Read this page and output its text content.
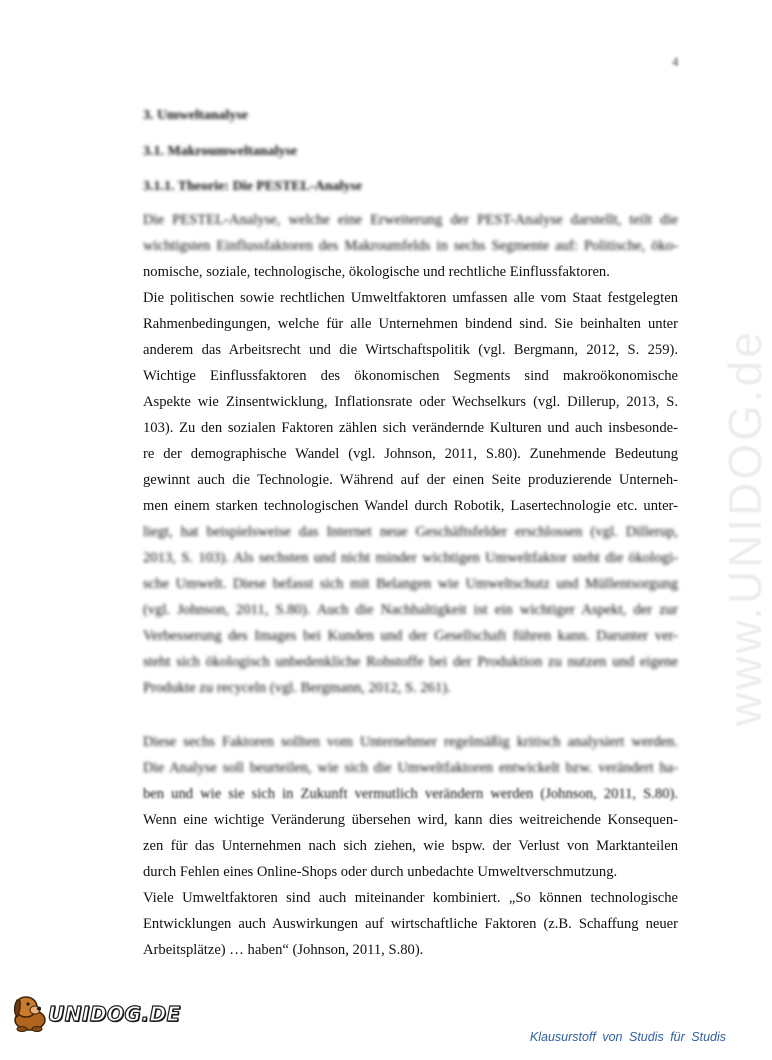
4
3. Umweltanalyse
3.1. Makroumweltanalyse
3.1.1. Theorie: Die PESTEL-Analyse
Die PESTEL-Analyse, welche eine Erweiterung der PEST-Analyse darstellt, teilt die
wichtigsten Einflussfaktoren des Makroumfelds in sechs Segmente auf: Politische, öko-
nomische, soziale, technologische, ökologische und rechtliche Einflussfaktoren.
Die politischen sowie rechtlichen Umweltfaktoren umfassen alle vom Staat festgelegten
Rahmenbedingungen, welche für alle Unternehmen bindend sind. Sie beinhalten unter
anderem das Arbeitsrecht und die Wirtschaftspolitik (vgl. Bergmann, 2012, S. 259).
Wichtige Einflussfaktoren des ökonomischen Segments sind makroökonomische
Aspekte wie Zinsentwicklung, Inflationsrate oder Wechselkurs (vgl. Dillerup, 2013, S.
103). Zu den sozialen Faktoren zählen sich verändernde Kulturen und auch insbesonde-
re der demographische Wandel (vgl. Johnson, 2011, S.80). Zunehmende Bedeutung
gewinnt auch die Technologie. Während auf der einen Seite produzierende Unterneh-
men einem starken technologischen Wandel durch Robotik, Lasertechnologie etc. unter-
liegt, hat beispielsweise das Internet neue Geschäftsfelder erschlossen (vgl. Dillerup,
2013, S. 103). Als sechsten und nicht minder wichtigen Umweltfaktor steht die ökologi-
sche Umwelt. Diese befasst sich mit Belangen wie Umweltschutz und Müllentsorgung
(vgl. Johnson, 2011, S.80). Auch die Nachhaltigkeit ist ein wichtiger Aspekt, der zur
Verbesserung des Images bei Kunden und der Gesellschaft führen kann. Darunter ver-
steht sich ökologisch unbedenkliche Rohstoffe bei der Produktion zu nutzen und eigene
Produkte zu recyceln (vgl. Bergmann, 2012, S. 261).
Diese sechs Faktoren sollten vom Unternehmer regelmäßig kritisch analysiert werden.
Die Analyse soll beurteilen, wie sich die Umweltfaktoren entwickelt bzw. verändert ha-
ben und wie sie sich in Zukunft vermutlich verändern werden (Johnson, 2011, S.80).
Wenn eine wichtige Veränderung übersehen wird, kann dies weitreichende Konsequen-
zen für das Unternehmen nach sich ziehen, wie bspw. der Verlust von Marktanteilen
durch Fehlen eines Online-Shops oder durch unbedachte Umweltverschmutzung.
Viele Umweltfaktoren sind auch miteinander kombiniert. „So können technologische
Entwicklungen auch Auswirkungen auf wirtschaftliche Faktoren (z.B. Schaffung neuer
Arbeitsplätze) … haben“ (Johnson, 2011, S.80).
www.UNIDOG.de
UNIDOG.DE
Klausurstoff von Studis für Studis
